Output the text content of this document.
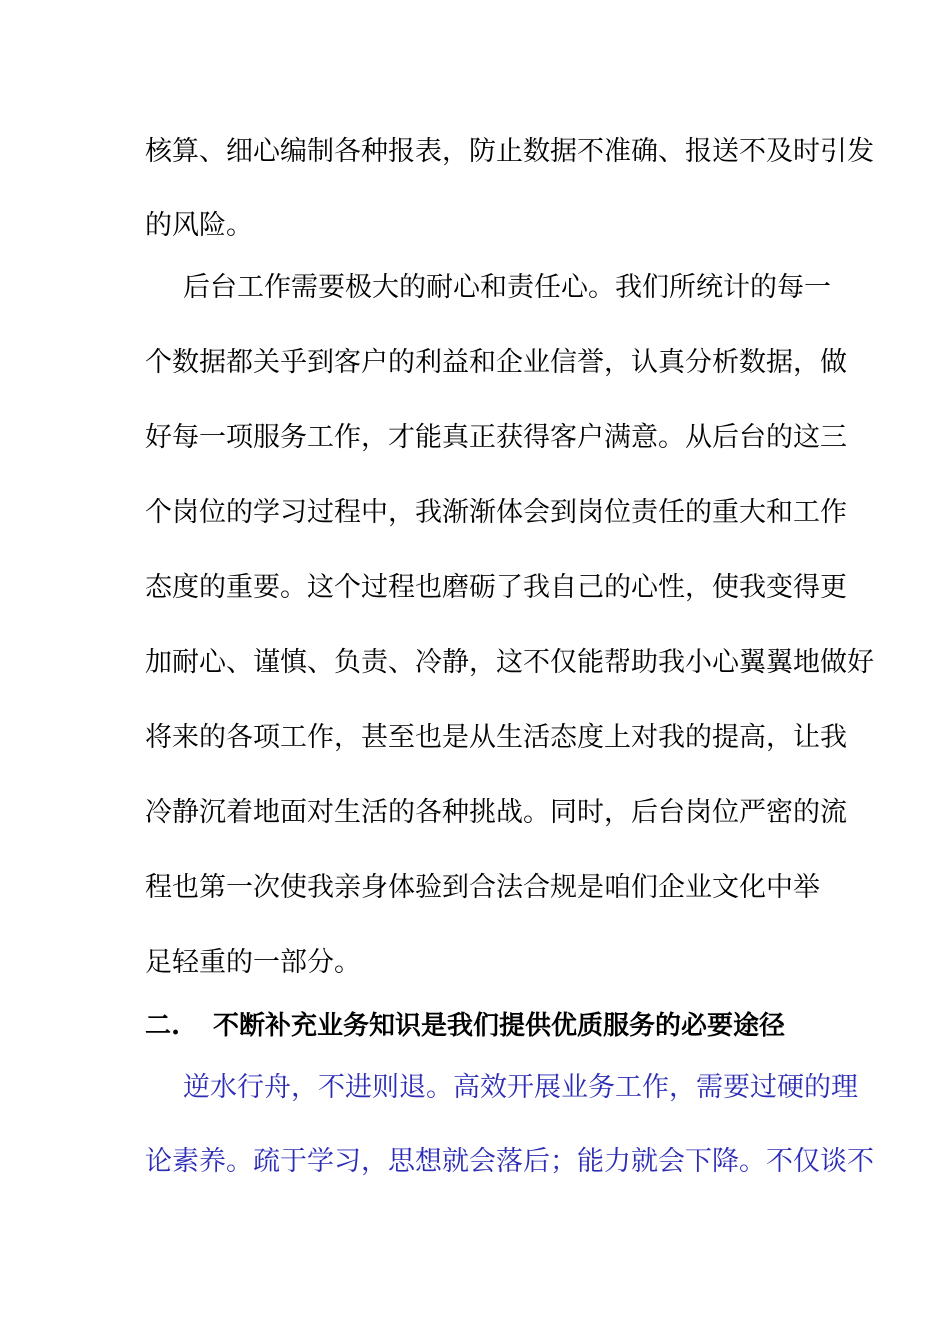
核算、细心编制各种报表，防止数据不准确、报送不及时引发
的风险。
后台工作需要极大的耐心和责任心。我们所统计的每一
个数据都关乎到客户的利益和企业信誉，认真分析数据，做
好每一项服务工作，才能真正获得客户满意。从后台的这三
个岗位的学习过程中，我渐渐体会到岗位责任的重大和工作
态度的重要。这个过程也磨砺了我自己的心性，使我变得更
加耐心、谨慎、负责、冷静，这不仅能帮助我小心翼翼地做好
将来的各项工作，甚至也是从生活态度上对我的提高，让我
冷静沉着地面对生活的各种挑战。同时，后台岗位严密的流
程也第一次使我亲身体验到合法合规是咱们企业文化中举
足轻重的一部分。
二. 不断补充业务知识是我们提供优质服务的必要途径
逆水行舟，不进则退。高效开展业务工作，需要过硬的理
论素养。疏于学习，思想就会落后；能力就会下降。不仅谈不
